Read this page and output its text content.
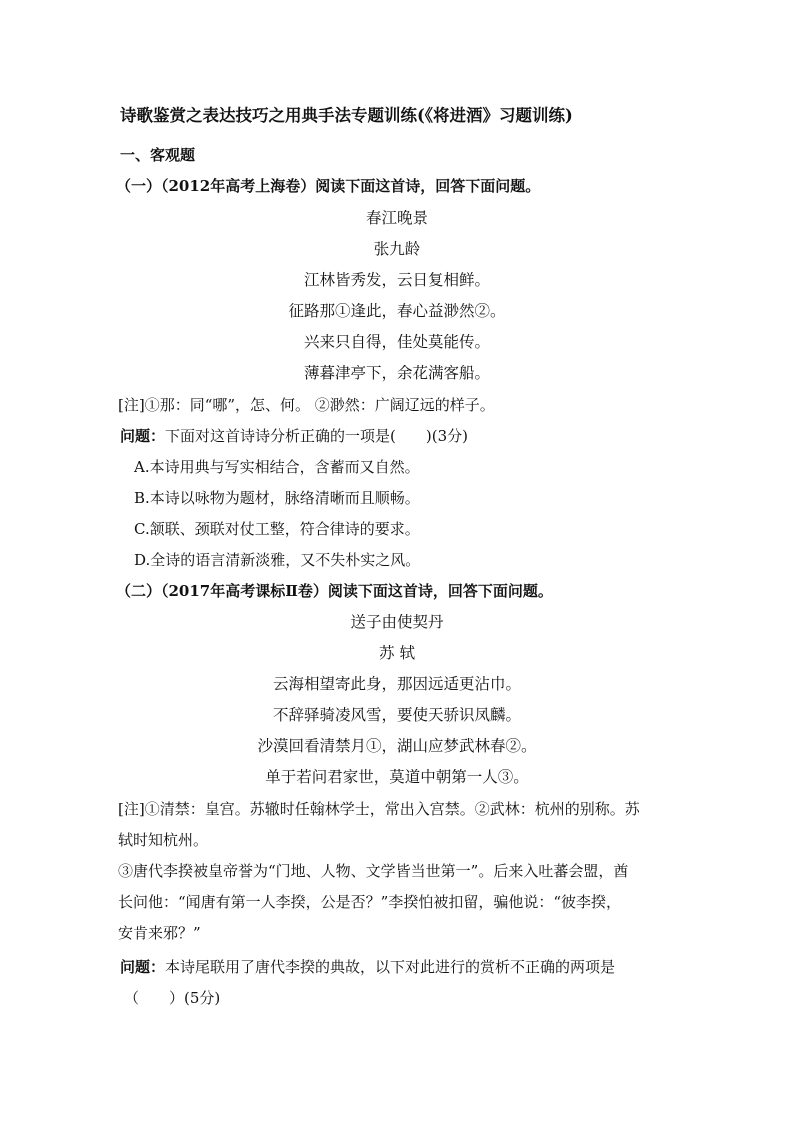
诗歌鉴赏之表达技巧之用典手法专题训练(《将进酒》习题训练)
一、客观题
（一）（2012年高考上海卷）阅读下面这首诗，回答下面问题。
春江晚景
张九龄
江林皆秀发，云日复相鲜。
征路那①逢此，春心益渺然②。
兴来只自得，佳处莫能传。
薄暮津亭下，余花满客船。
[注]①那：同“哪”，怎、何。 ②渺然：广阔辽远的样子。
问题：下面对这首诗诗分析正确的一项是(　　)(3分)
A.本诗用典与写实相结合，含蓄而又自然。
B.本诗以咏物为题材，脉络清晰而且顺畅。
C.颔联、颈联对仗工整，符合律诗的要求。
D.全诗的语言清新淡雅，又不失朴实之风。
（二）（2017年高考课标Ⅱ卷）阅读下面这首诗，回答下面问题。
送子由使契丹
苏 轼
云海相望寄此身，那因远适更沾巾。
不辞驿骑凌风雪，要使天骄识凤麟。
沙漠回看清禁月①，湖山应梦武林春②。
单于若问君家世，莫道中朝第一人③。
[注]①清禁：皇宫。苏辙时任翰林学士，常出入宫禁。②武林：杭州的别称。苏
轼时知杭州。
③唐代李揆被皇帝誉为“门地、人物、文学皆当世第一”。后来入吐蕃会盟，酋
长问他：“闻唐有第一人李揆，公是否？”李揆怕被扣留，骗他说：“彼李揆，
安肯来邪？”
问题：本诗尾联用了唐代李揆的典故，以下对此进行的赏析不正确的两项是
（　　）(5分)
